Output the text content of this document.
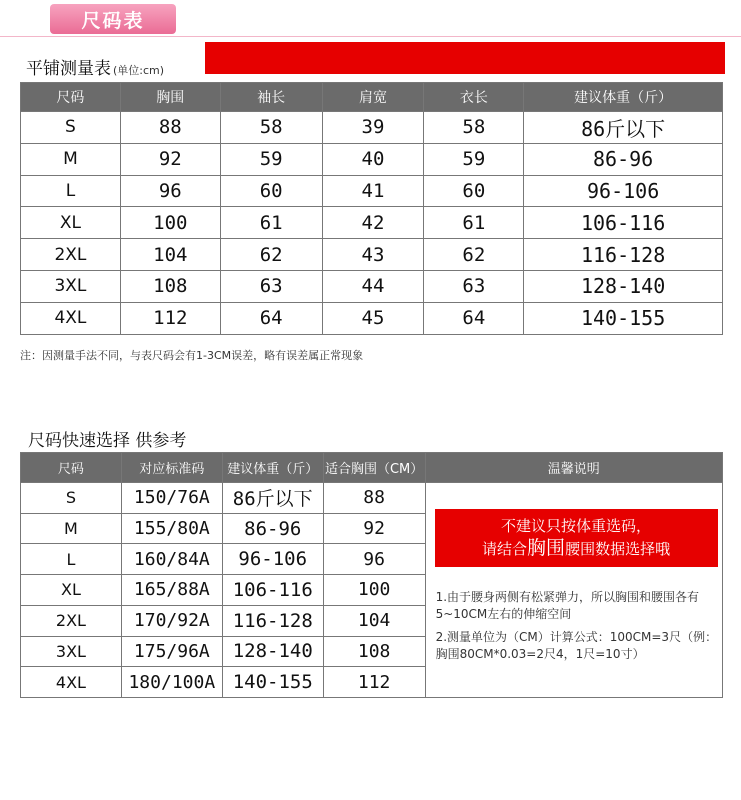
尺码表
平铺测量表 (单位:cm)
尺码	胸围	袖长	肩宽	衣长	建议体重（斤）
S	88	58	39	58	86斤以下
M	92	59	40	59	86-96
L	96	60	41	60	96-106
XL	100	61	42	61	106-116
2XL	104	62	43	62	116-128
3XL	108	63	44	63	128-140
4XL	112	64	45	64	140-155
注：因测量手法不同，与表尺码会有1-3CM误差，略有误差属正常现象
尺码快速选择 供参考
尺码	对应标准码	建议体重（斤）	适合胸围（CM）	温馨说明
S	150/76A	86斤以下	88	不建议只按体重选码，
请结合胸围腰围数据选择哦

1.由于腰身两侧有松紧弹力，所以胸围和腰围各有5~10CM左右的伸缩空间

2.测量单位为（CM）计算公式：100CM=3尺（例：胸围80CM*0.03=2尺4，1尺=10寸）

M	155/80A	86-96	92	
L	160/84A	96-106	96	
XL	165/88A	106-116	100	
2XL	170/92A	116-128	104	
3XL	175/96A	128-140	108	
4XL	180/100A	140-155	112	
